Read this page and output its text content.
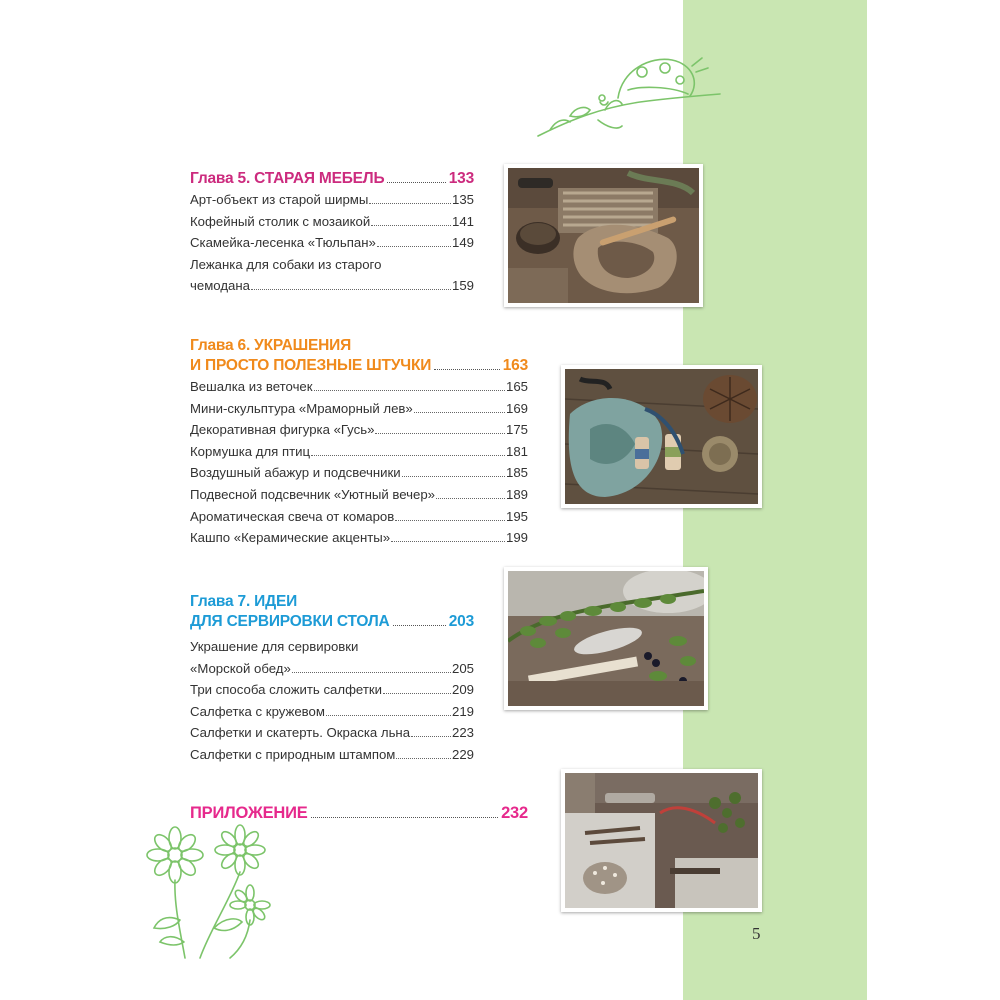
Глава 5. СТАРАЯ МЕБЕЛЬ	133
Арт-объект из старой ширмы	135
Кофейный столик с мозаикой	141
Скамейка-лесенка «Тюльпан»	149
Лежанка для собаки из старого
чемодана	159
Глава 6. УКРАШЕНИЯ
И ПРОСТО ПОЛЕЗНЫЕ ШТУЧКИ	163
Вешалка из веточек	165
Мини-скульптура «Мраморный лев»	169
Декоративная фигурка «Гусь»	175
Кормушка для птиц	181
Воздушный абажур и подсвечники	185
Подвесной подсвечник «Уютный вечер»	189
Ароматическая свеча от комаров	195
Кашпо «Керамические акценты»	199
Глава 7. ИДЕИ
ДЛЯ СЕРВИРОВКИ СТОЛА	203
Украшение для сервировки
«Морской обед»	205
Три способа сложить салфетки	209
Салфетка с кружевом	219
Салфетки и скатерть. Окраска льна	223
Салфетки с природным штампом	229
ПРИЛОЖЕНИЕ	232
5
